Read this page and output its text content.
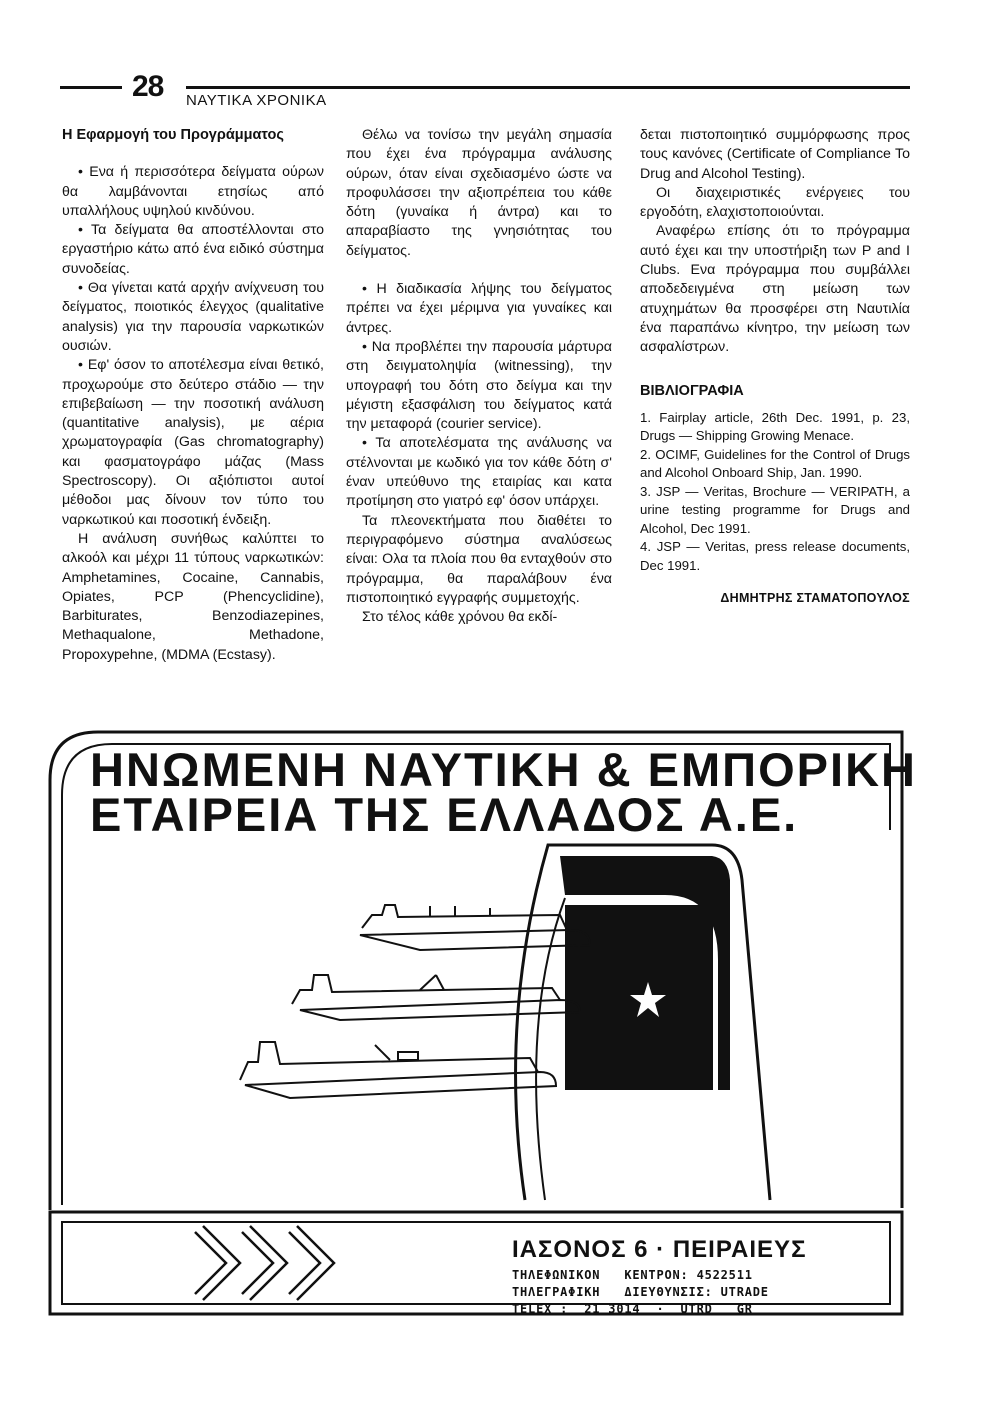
28 ΝΑΥΤΙΚΑ ΧΡΟΝΙΚΑ

Η Εφαρμογή του Προγράμματος

• Ενα ή περισσότερα δείγματα ούρων θα λαμβάνονται ετησίως από υπαλλήλους υψηλού κινδύνου.

• Τα δείγματα θα αποστέλλονται στο εργαστήριο κάτω από ένα ειδικό σύστημα συνοδείας.

• Θα γίνεται κατά αρχήν ανίχνευση του δείγματος, ποιοτικός έλεγχος (qualitative analysis) για την παρουσία ναρκωτικών ουσιών.

• Εφ' όσον το αποτέλεσμα είναι θετικό, προχωρούμε στο δεύτερο στάδιο — την επιβεβαίωση — την ποσοτική ανάλυση (quantitative analysis), με αέρια χρωματογραφία (Gas chromatography) και φασματογράφο μάζας (Mass Spectroscopy). Οι αξιόπιστοι αυτοί μέθοδοι μας δίνουν τον τύπο του ναρκωτικού και ποσοτική ένδειξη.

Η ανάλυση συνήθως καλύπτει το αλκοόλ και μέχρι 11 τύπους ναρκωτικών: Amphetamines, Cocaine, Cannabis, Opiates, PCP (Phencyclidine), Barbiturates, Benzodiazepines, Methaqualone, Methadone, Propoxypehne, (MDMA (Ecstasy).

Θέλω να τονίσω την μεγάλη σημασία που έχει ένα πρόγραμμα ανάλυσης ούρων, όταν είναι σχεδιασμένο ώστε να προφυλάσσει την αξιοπρέπεια του κάθε δότη (γυναίκα ή άντρα) και το απαραβίαστο της γνησιότητας του δείγματος.

• Η διαδικασία λήψης του δείγματος πρέπει να έχει μέριμνα για γυναίκες και άντρες.

• Να προβλέπει την παρουσία μάρτυρα στη δειγματοληψία (witnessing), την υπογραφή του δότη στο δείγμα και την μέγιστη εξασφάλιση του δείγματος κατά την μεταφορά (courier service).

• Τα αποτελέσματα της ανάλυσης να στέλνονται με κωδικό για τον κάθε δότη σ' έναν υπεύθυνο της εταιρίας και κατα προτίμηση στο γιατρό εφ' όσον υπάρχει.

Τα πλεονεκτήματα που διαθέτει το περιγραφόμενο σύστημα αναλύσεως είναι: Ολα τα πλοία που θα ενταχθούν στο πρόγραμμα, θα παραλάβουν ένα πιστοποιητικό εγγραφής συμμετοχής.

Στο τέλος κάθε χρόνου θα εκδί-

δεται πιστοποιητικό συμμόρφωσης προς τους κανόνες (Certificate of Compliance To Drug and Alcohol Testing).

Οι διαχειριστικές ενέργειες του εργοδότη, ελαχιστοποιούνται.

Αναφέρω επίσης ότι το πρόγραμμα αυτό έχει και την υποστήριξη των P and I Clubs. Ενα πρόγραμμα που συμβάλλει αποδεδειγμένα στη μείωση των ατυχημάτων θα προσφέρει στη Ναυτιλία ένα παραπάνω κίνητρο, την μείωση των ασφαλίστρων.

ΒΙΒΛΙΟΓΡΑΦΙΑ

1. Fairplay article, 26th Dec. 1991, p. 23, Drugs — Shipping Growing Menace.

2. OCIMF, Guidelines for the Control of Drugs and Alcohol Onboard Ship, Jan. 1990.

3. JSP — Veritas, Brochure — VERIPATH, a urine testing programme for Drugs and Alcohol, Dec 1991.

4. JSP — Veritas, press release documents, Dec 1991.

ΔΗΜΗΤΡΗΣ ΣΤΑΜΑΤΟΠΟΥΛΟΣ

ΗΝΩΜΕΝΗ ΝΑΥΤΙΚΗ & ΕΜΠΟΡΙΚΗ
ΕΤΑΙΡΕΙΑ ΤΗΣ ΕΛΛΑΔΟΣ Α.Ε.
ΙΑΣΟΝΟΣ 6 · ΠΕΙΡΑΙΕΥΣ
ΤΗΛΕΦΩΝΙΚΟΝ   ΚΕΝΤΡΟΝ: 4522511
ΤΗΛΕΓΡΑΦΙΚΗ   ΔΙΕΥΘΥΝΣΙΣ: UTRADE
TELEX :  21 3014  ·  UTRD   GR
